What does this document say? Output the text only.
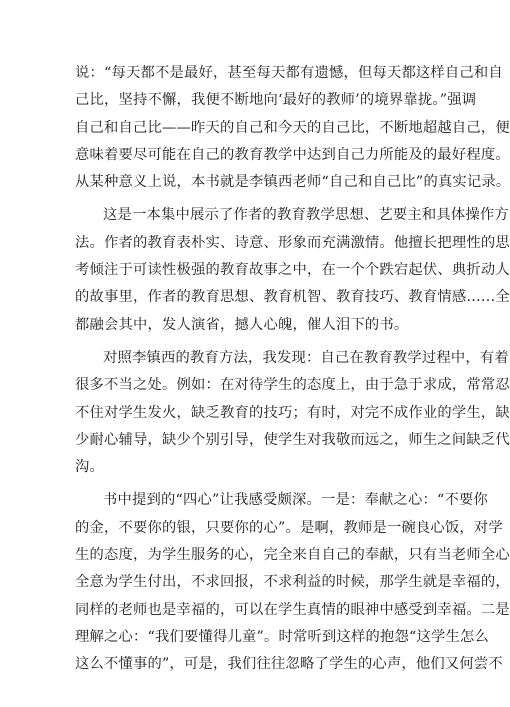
说：“每天都不是最好，甚至每天都有遗憾，但每天都这样自己和自
己比，坚持不懈，我便不断地向‘最好的教师’的境界靠拢。”强调
自己和自己比——昨天的自己和今天的自己比，不断地超越自己，便
意味着要尽可能在自己的教育教学中达到自己力所能及的最好程度。
从某种意义上说，本书就是李镇西老师“自己和自己比”的真实记录。
这是一本集中展示了作者的教育教学思想、艺要主和具体操作方
法。作者的教育表朴实、诗意、形象而充满激情。他擅长把理性的思
考倾注于可读性极强的教育故事之中，在一个个跌宕起伏、典折动人
的故事里，作者的教育思想、教育机智、教育技巧、教育情感……全
都融会其中，发人演省，撼人心魄，催人泪下的书。
对照李镇西的教育方法，我发现：自己在教育教学过程中，有着
很多不当之处。例如：在对待学生的态度上，由于急于求成，常常忍
不住对学生发火，缺乏教育的技巧；有时，对完不成作业的学生，缺
少耐心辅导，缺少个别引导，使学生对我敬而远之，师生之间缺乏代
沟。
书中提到的“四心”让我感受颇深。一是：奉献之心：“不要你
的金，不要你的银，只要你的心”。是啊，教师是一碗良心饭，对学
生的态度，为学生服务的心，完全来自自己的奉献，只有当老师全心
全意为学生付出，不求回报，不求利益的时候，那学生就是幸福的，
同样的老师也是幸福的，可以在学生真情的眼神中感受到幸福。二是
理解之心：“我们要懂得儿童”。时常听到这样的抱怨“这学生怎么
这么不懂事的”，可是，我们往往忽略了学生的心声，他们又何尝不
